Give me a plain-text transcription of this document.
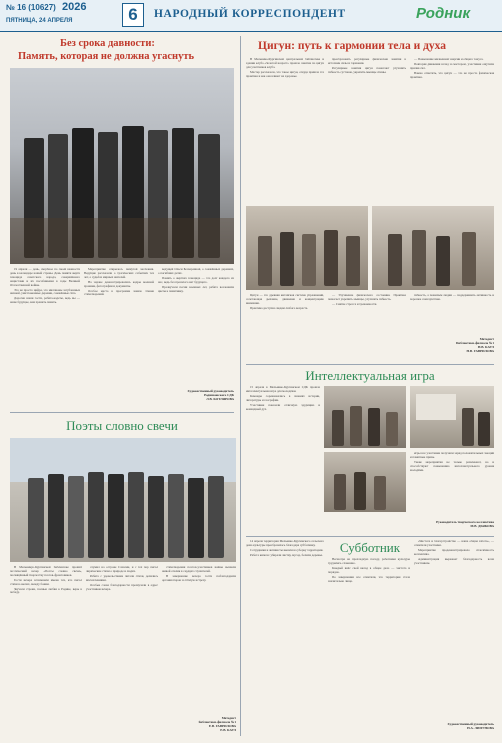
№ 16 (10627) 2026
ПЯТНИЦА, 24 АПРЕЛЯ	6	НАРОДНЫЙ КОРРЕСПОНДЕНТ	Родник
Без срока давности:
Память, которая не должна угаснуть

19 апреля — день, скорбное по своей важности день в календаре нашей страны. День памяти жертв геноцида советского народа, совершённого нацистами и их пособниками в годы Великой Отечественной войны.

Это не просто цифра, это миллионы загубленных жизней, уничтоженные деревни, сожжённые сёла.

Дорогие наши гости, ребята-кадеты, ведь вы — наше будущее, вам хранить память.

Мероприятие открылось минутой молчания. Ведущие рассказали о трагических событиях тех лет, о судьбах мирных жителей.

На экране демонстрировались кадры военной хроники, фотографии и документы.

Особое место в программе заняло чтение стихотворений.

ведущей Ольги Бескаравной, о сожжённых деревнях, о погибших детях.

Память о жертвах геноцида — это долг каждого из нас, ведь без прошлого нет будущего.

Прозвучали песни военных лет, ребята возложили цветы к памятнику.

Художественный руководитель
Родниковского СДК
Л.В. КОТЛЯРОВА
Поэты словно свечи

В Мельникуо-Кургинской библиотеке прошёл поэтический вечер «Поэты словно свечи», посвящённый творчеству поэтов-фронтовиков.

Гости вечера вспомнили имена тех, кто писал стихи в окопах, между боями.

Звучали строки, полные любви к Родине, веры в победу.

служил на острове Сахалин, и с тех пор писал лирические стихи о природе и людях.

Ребята с удовольствием читали стихи, делились впечатлениями.

Особые слова благодарности прозвучали в адрес участников вечера.

стихотворения поэтов-участников войны вызвали живой отклик в сердцах слушателей.

В завершение вечера гости поблагодарили организаторов за тёплую встречу.

Методист
библиотеки-филиала №1
Е.В. ГАВРИЛОВА
Е.В. КАУЛ
Цигун: путь к гармонии тела и духа

В Мельнико-Кургинской центральной библиотеке и здании клуба «Золотой возраст» прошло занятие по цигун для участников клуба.

Мастер рассказала, что такое цигун, откуда пришла эта практика и как она влияет на здоровье.

преобразовать регулярные физические занятия в источник силы и гармонии.

Регулярные занятия цигун помогают улучшить гибкость суставов, укрепить мышцы спины.

— Повышение жизненной энергии и общего тонуса.

Повторяя движения вслед за мастером, участники ощутили прилив сил.

Важно отметить, что цигун — это не просто физическая практика.

Цигун — это древняя китайская система упражнений, сочетающая дыхание, движение и концентрацию внимания.

Практика доступна людям любого возраста.

— Улучшение физического состояния. Практика помогает укрепить мышцы, улучшить гибкость.

— Снятие стресса и тревожности.

гибкость, а пожилым людям — поддерживать активность и хорошее самочувствие.

Методист
Библиотеки-филиала №1
Н.В. КАУЛ
Н.В. ГАВРИЛОВА
Интеллектуальная игра

15 апреля в Мельнико-Кургинском СДК прошла интеллектуальная игра для молодёжи.

Команды соревновались в знаниях истории, литературы и географии.

Участники показали отличную эрудицию и командный дух.

игры все участники получили заряд положительных эмоций и памятные призы.

Такие мероприятия не только развлекают, но и способствуют повышению интеллектуального уровня молодёжи.

Руководитель творческого коллектива
М.В. ДЬЯКОВА
Субботник

14 апреля территория Мельнико-Кургинского сельского дома культуры преобразилась благодаря субботнику.

Сотрудники и активисты вышли на уборку территории.

Работа кипела: убирали листву, мусор, белили деревья.

Несмотря на прохладную погоду, работники культуры трудились слаженно.

Каждый внёс свой вклад в общее дело — чистота и порядок.

По завершении все отметили, что территория стала значительно чище.

«Чистота и благоустройство — наша общая забота», — отметили участники.

Мероприятие продемонстрировало сплочённость коллектива.

Администрация выражает благодарность всем участникам.

Художественный руководитель
Н.А. ЛИПУНОВА
